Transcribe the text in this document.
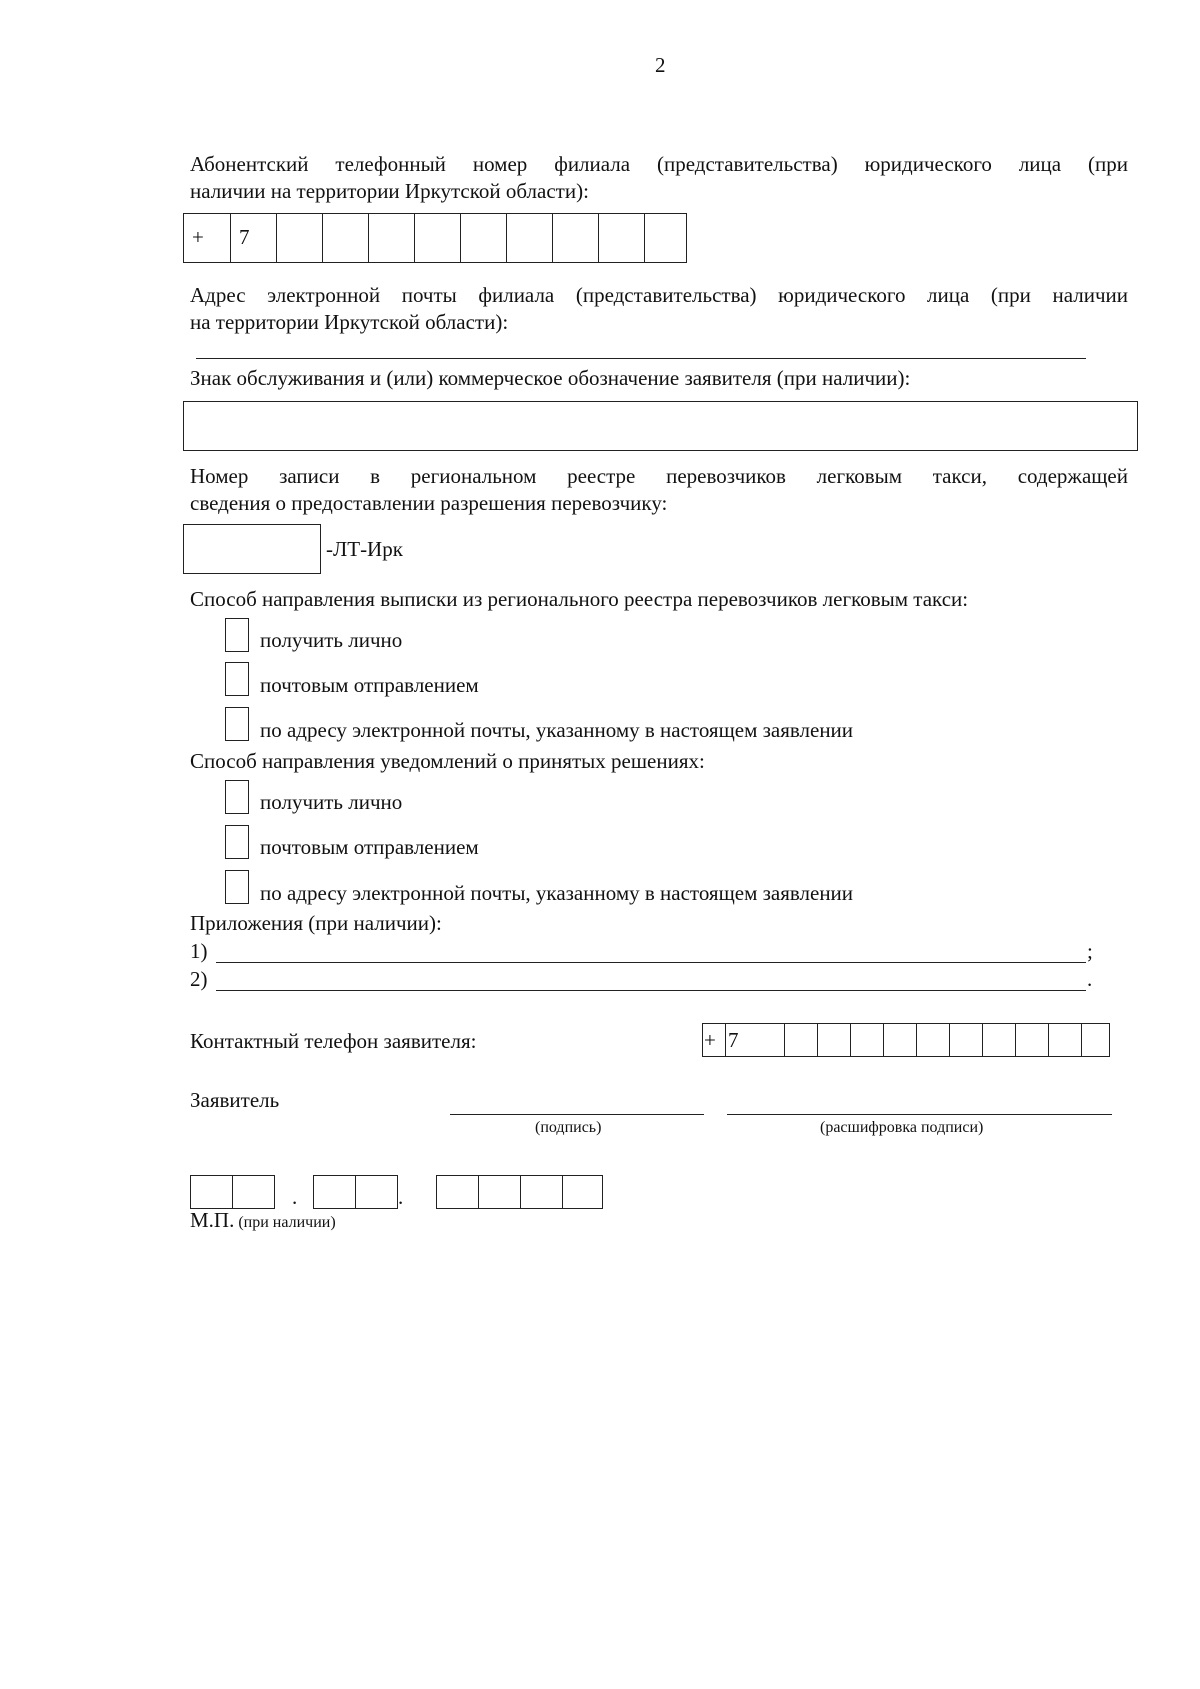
2
Абонентский телефонный номер филиала (представительства) юридического лица (при
наличии на территории Иркутской области):
+ 7
Адрес электронной почты филиала (представительства) юридического лица (при наличии
на территории Иркутской области):
Знак обслуживания и (или) коммерческое обозначение заявителя (при наличии):
Номер записи в региональном реестре перевозчиков легковым такси, содержащей
сведения о предоставлении разрешения перевозчику:
-ЛТ-Ирк
Способ направления выписки из регионального реестра перевозчиков легковым такси:
получить лично
почтовым отправлением
по адресу электронной почты, указанному в настоящем заявлении
Способ направления уведомлений о принятых решениях:
получить лично
почтовым отправлением
по адресу электронной почты, указанному в настоящем заявлении
Приложения (при наличии):
1)	;
2)	.
Контактный телефон заявителя:	+ 7
Заявитель
(подпись)	(расшифровка подписи)
.	.
М.П. (при наличии)
